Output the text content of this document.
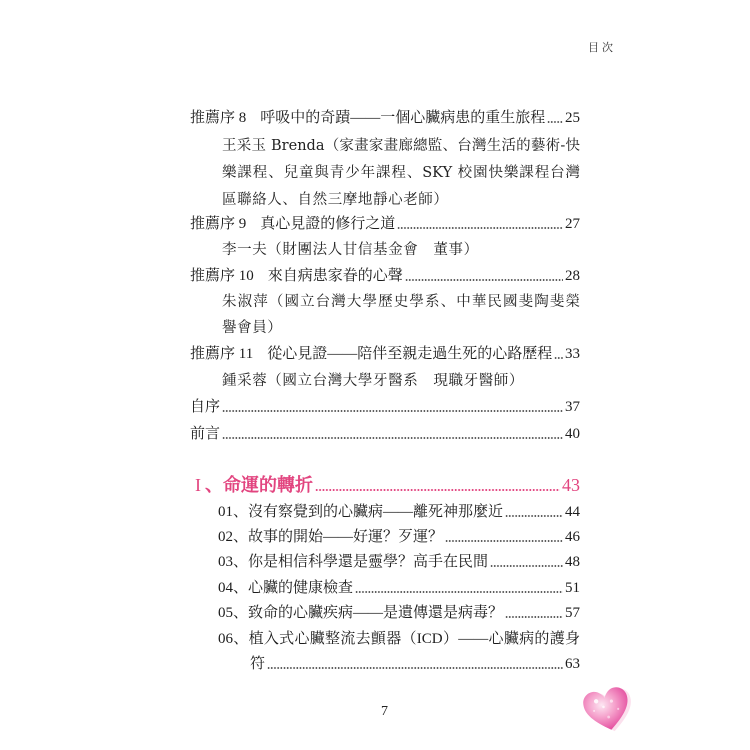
目次
推薦序 8 呼吸中的奇蹟——一個心臟病患的重生旅程 25
王采玉 Brenda（家畫家畫廊總監、台灣生活的藝術-快
樂課程、兒童與青少年課程、SKY 校園快樂課程台灣
區聯絡人、自然三摩地靜心老師）
推薦序 9 真心見證的修行之道	27
李一夫（財團法人甘信基金會　董事）
推薦序 10 來自病患家眷的心聲	28
朱淑萍（國立台灣大學歷史學系、中華民國斐陶斐榮
譽會員）
推薦序 11 從心見證——陪伴至親走過生死的心路歷程 33
鍾采蓉（國立台灣大學牙醫系　現職牙醫師）
自序	37
前言	40
I 、命運的轉折	43
01、沒有察覺到的心臟病——離死神那麼近	44
02、故事的開始——好運？歹運？	46
03、你是相信科學還是靈學？高手在民間	48
04、心臟的健康檢查	51
05、致命的心臟疾病——是遺傳還是病毒？	57
06、植入式心臟整流去顫器（ICD）——心臟病的護身
符	63
7
